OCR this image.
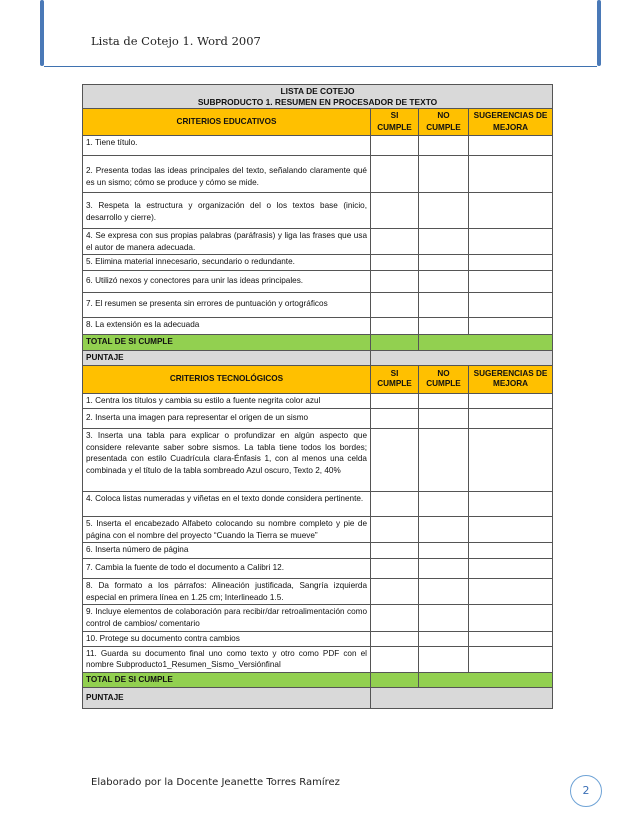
Lista de Cotejo 1. Word 2007
LISTA DE COTEJO
SUBPRODUCTO 1. RESUMEN EN PROCESADOR DE TEXTO			

CRITERIOS EDUCATIVOS	SI CUMPLE	NO CUMPLE	SUGERENCIAS DE MEJORA
1. Tiene título.			
2. Presenta todas las ideas principales del texto, señalando claramente qué es un sismo; cómo se produce y cómo se mide.			
3. Respeta la estructura y organización del o los textos base (inicio, desarrollo y cierre).			
4. Se expresa con sus propias palabras (paráfrasis) y liga las frases que usa el autor de manera adecuada.			
5. Elimina material innecesario, secundario o redundante.			
6. Utilizó nexos y conectores para unir las ideas principales.			
7. El resumen se presenta sin errores de puntuación y ortográficos			
8. La extensión es la adecuada			
TOTAL DE SI CUMPLE			
PUNTAJE			
CRITERIOS TECNOLÓGICOS	SI CUMPLE	NO CUMPLE	SUGERENCIAS DE MEJORA
1. Centra los títulos y cambia su estilo a fuente negrita color azul			
2. Inserta una imagen para representar el origen de un sismo			
3. Inserta una tabla para explicar o profundizar en algún aspecto que considere relevante saber sobre sismos. La tabla tiene todos los bordes; presentada con estilo Cuadrícula clara-Énfasis 1, con al menos una celda combinada y el título de la tabla sombreado Azul oscuro, Texto 2, 40%			
4. Coloca listas numeradas y viñetas en el texto donde considera pertinente.			
5. Inserta el encabezado Alfabeto colocando su nombre completo y pie de página con el nombre del proyecto “Cuando la Tierra se mueve”			
6. Inserta número de página			
7. Cambia la fuente de todo el documento a Calibri 12.			
8. Da formato a los párrafos: Alineación justificada, Sangría izquierda especial en primera línea en 1.25 cm; Interlineado 1.5.			
9. Incluye elementos de colaboración para recibir/dar retroalimentación como control de cambios/ comentario			
10. Protege su documento contra cambios			
11. Guarda su documento final uno como texto y otro como PDF con el nombre Subproducto1_Resumen_Sismo_Versiónfinal			
TOTAL DE SI CUMPLE			
PUNTAJE			
Elaborado por la Docente Jeanette Torres Ramírez
2
